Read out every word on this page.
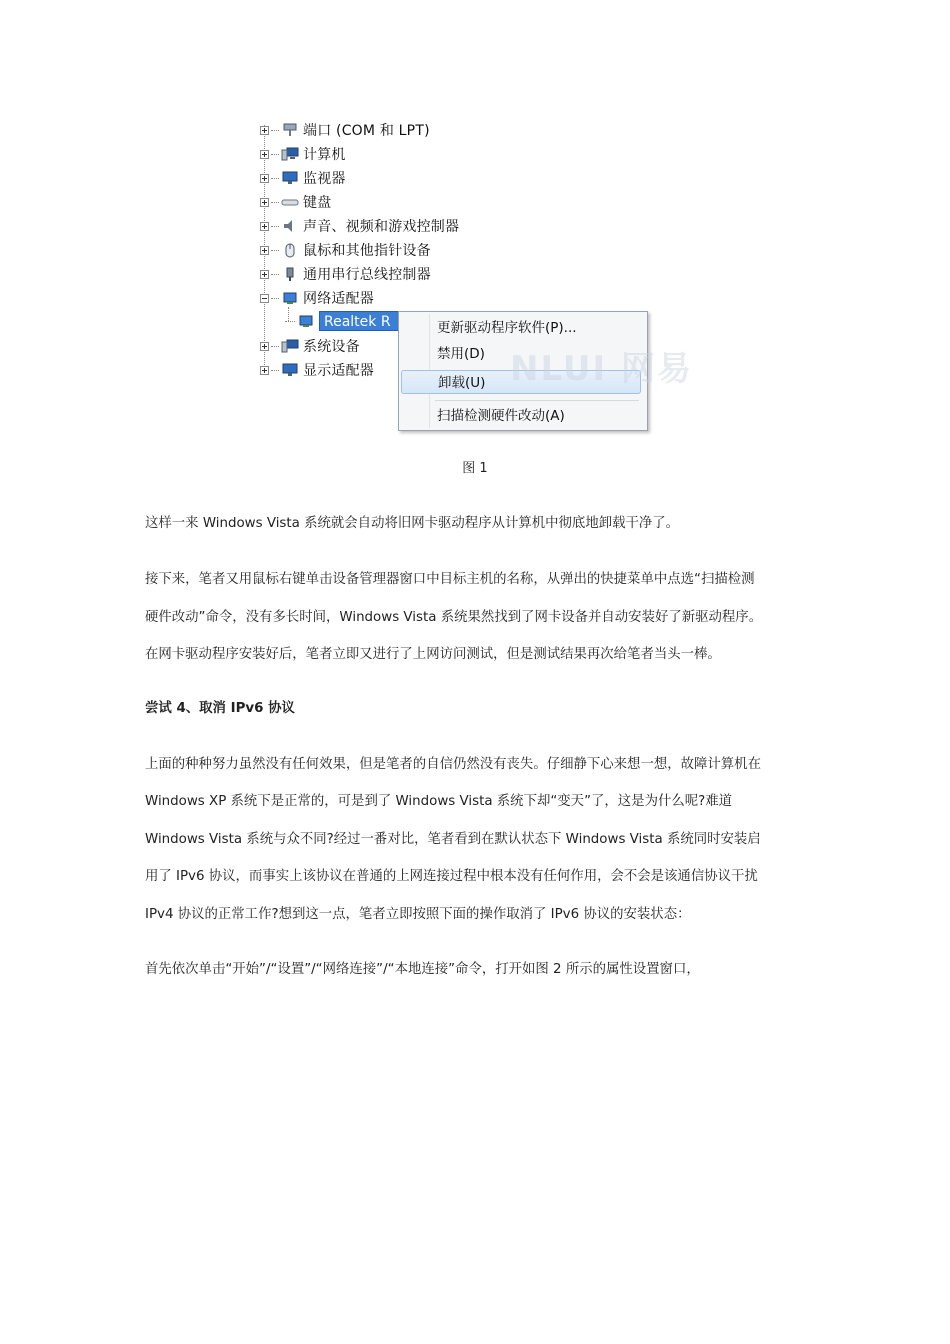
端口 (COM 和 LPT)
计算机
监视器
键盘
声音、视频和游戏控制器
鼠标和其他指针设备
通用串行总线控制器
网络适配器
Realtek R
系统设备
显示适配器
更新驱动程序软件(P)...
禁用(D)
卸载(U)
扫描检测硬件改动(A)
NLUI 网易
图 1
这样一来 Windows Vista 系统就会自动将旧网卡驱动程序从计算机中彻底地卸载干净了。
接下来，笔者又用鼠标右键单击设备管理器窗口中目标主机的名称，从弹出的快捷菜单中点选“扫描检测
硬件改动”命令，没有多长时间，Windows Vista 系统果然找到了网卡设备并自动安装好了新驱动程序。
在网卡驱动程序安装好后，笔者立即又进行了上网访问测试，但是测试结果再次给笔者当头一棒。
尝试 4、取消 IPv6 协议
上面的种种努力虽然没有任何效果，但是笔者的自信仍然没有丧失。仔细静下心来想一想，故障计算机在
Windows XP 系统下是正常的，可是到了 Windows Vista 系统下却“变天”了，这是为什么呢?难道
Windows Vista 系统与众不同?经过一番对比，笔者看到在默认状态下 Windows Vista 系统同时安装启
用了 IPv6 协议，而事实上该协议在普通的上网连接过程中根本没有任何作用，会不会是该通信协议干扰
IPv4 协议的正常工作?想到这一点，笔者立即按照下面的操作取消了 IPv6 协议的安装状态：
首先依次单击“开始”/“设置”/“网络连接”/“本地连接”命令，打开如图 2 所示的属性设置窗口，
